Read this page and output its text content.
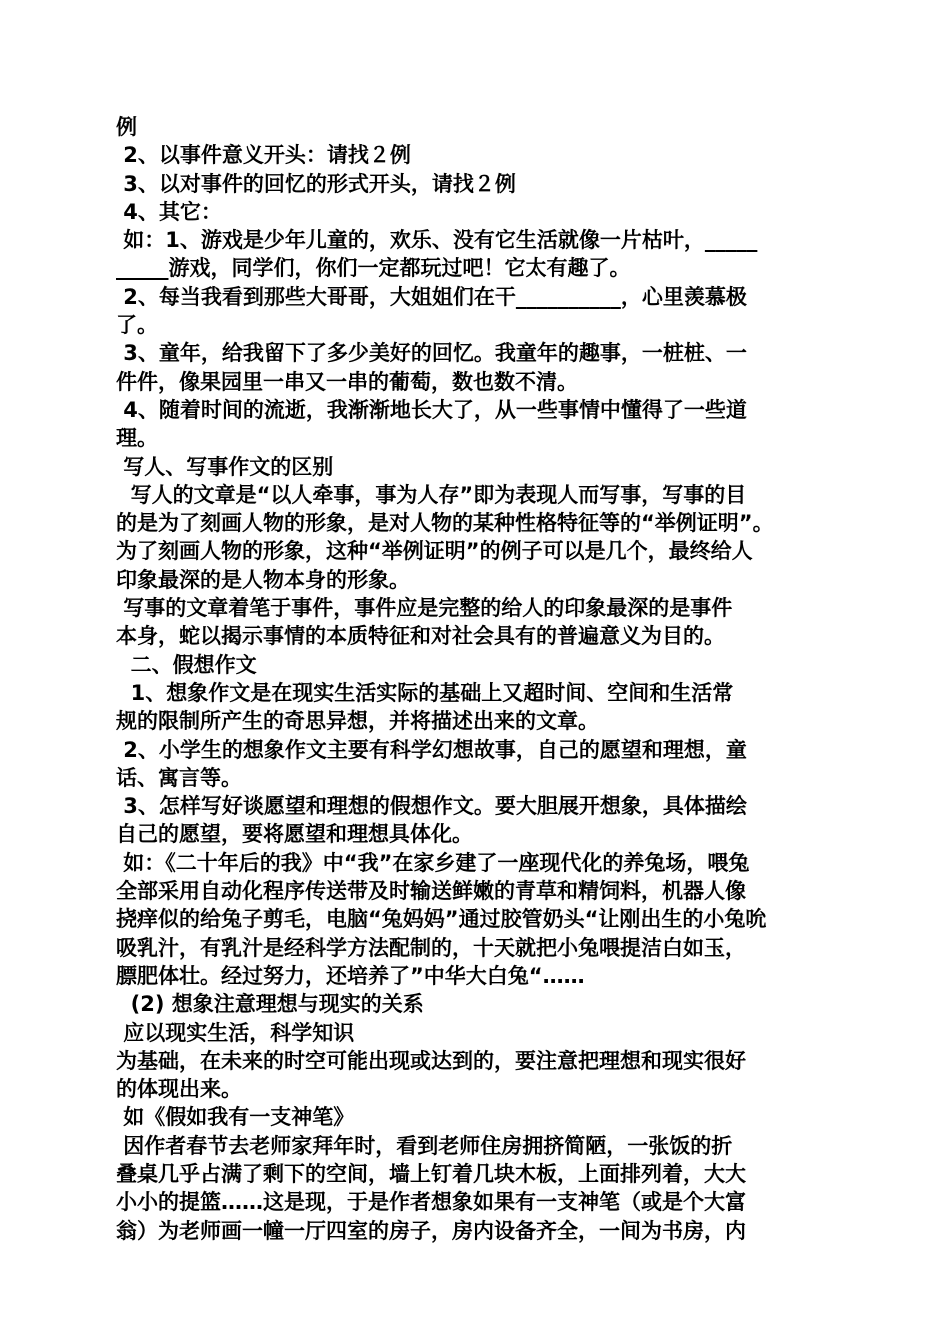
例
2、以事件意义开头：请找２例
3、以对事件的回忆的形式开头，请找２例
4、其它：
如：1、游戏是少年儿童的，欢乐、没有它生活就像一片枯叶，_____
_____游戏，同学们，你们一定都玩过吧！它太有趣了。
2、每当我看到那些大哥哥，大姐姐们在干__________，心里羡慕极
了。
3、童年，给我留下了多少美好的回忆。我童年的趣事，一桩桩、一
件件，像果园里一串又一串的葡萄，数也数不清。
4、随着时间的流逝，我渐渐地长大了，从一些事情中懂得了一些道
理。
写人、写事作文的区别
写人的文章是“以人牵事，事为人存”即为表现人而写事，写事的目
的是为了刻画人物的形象，是对人物的某种性格特征等的“举例证明”。
为了刻画人物的形象，这种“举例证明”的例子可以是几个，最终给人
印象最深的是人物本身的形象。
写事的文章着笔于事件，事件应是完整的给人的印象最深的是事件
本身，蛇以揭示事情的本质特征和对社会具有的普遍意义为目的。
二、假想作文
1、想象作文是在现实生活实际的基础上又超时间、空间和生活常
规的限制所产生的奇思异想，并将描述出来的文章。
2、小学生的想象作文主要有科学幻想故事，自己的愿望和理想，童
话、寓言等。
3、怎样写好谈愿望和理想的假想作文。要大胆展开想象，具体描绘
自己的愿望，要将愿望和理想具体化。
如：《二十年后的我》中“我”在家乡建了一座现代化的养兔场，喂兔
全部采用自动化程序传送带及时输送鲜嫩的青草和精饲料，机器人像
挠痒似的给兔子剪毛，电脑“兔妈妈”通过胶管奶头“让刚出生的小兔吮
吸乳汁，有乳汁是经科学方法配制的，十天就把小兔喂提洁白如玉，
膘肥体壮。经过努力，还培养了”中华大白兔“……
(2) 想象注意理想与现实的关系
应以现实生活，科学知识
为基础，在未来的时空可能出现或达到的，要注意把理想和现实很好
的体现出来。
如《假如我有一支神笔》
因作者春节去老师家拜年时，看到老师住房拥挤简陋，一张饭的折
叠桌几乎占满了剩下的空间，墙上钉着几块木板，上面排列着，大大
小小的提篮……这是现，于是作者想象如果有一支神笔（或是个大富
翁）为老师画一幢一厅四室的房子，房内设备齐全，一间为书房，内
